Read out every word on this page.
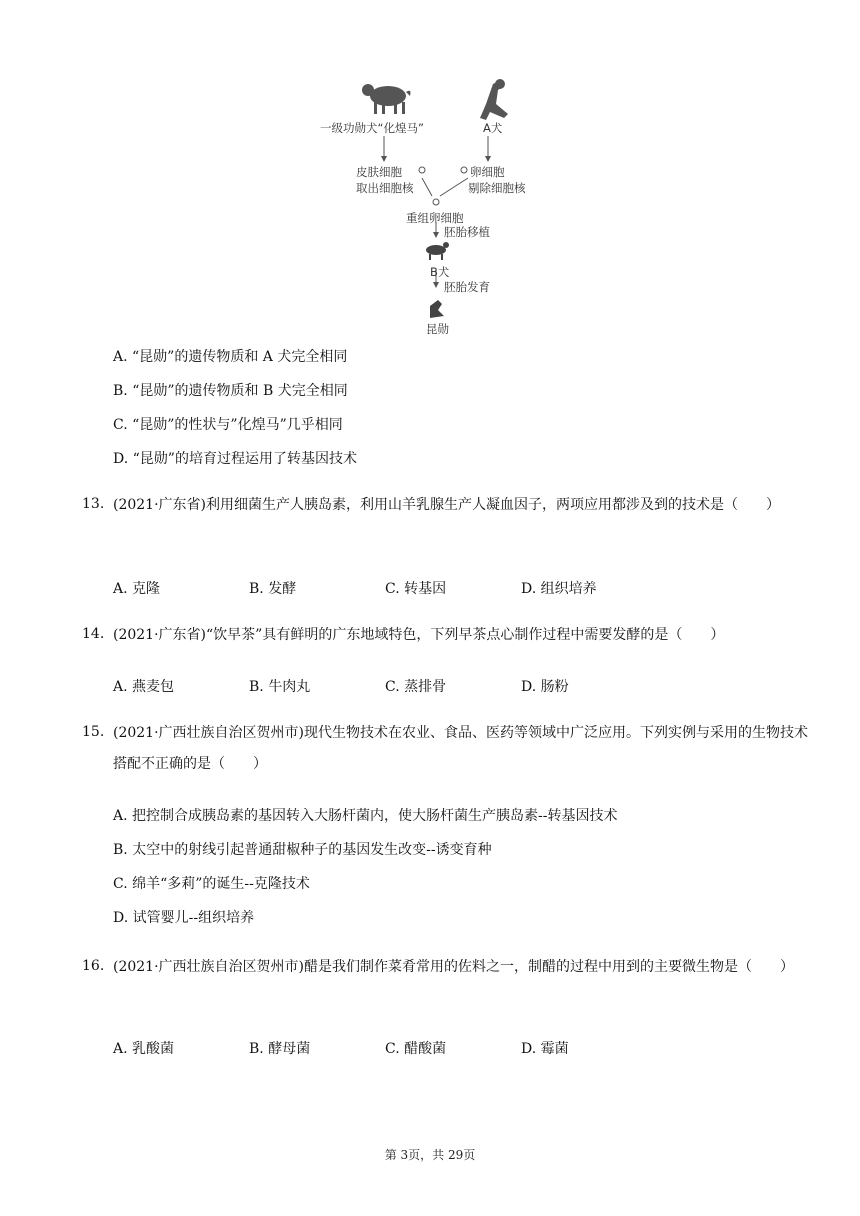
一级功勋犬“化煌马”	A犬
皮肤细胞
取出细胞核
卵细胞
剔除细胞核
重组卵细胞
胚胎移植
B犬
胚胎发育
昆勋
A. “昆勋”的遗传物质和 A 犬完全相同
B. “昆勋”的遗传物质和 B 犬完全相同
C. “昆勋”的性状与”化煌马”几乎相同
D. “昆勋”的培育过程运用了转基因技术
13. (2021·广东省)利用细菌生产人胰岛素，利用山羊乳腺生产人凝血因子，两项应用都涉及到的技术是（　　）
A. 克隆	B. 发酵	C. 转基因	D. 组织培养
14. (2021·广东省)“饮早茶”具有鲜明的广东地域特色，下列早茶点心制作过程中需要发酵的是（　　）
A. 燕麦包	B. 牛肉丸	C. 蒸排骨	D. 肠粉
15. (2021·广西壮族自治区贺州市)现代生物技术在农业、食品、医药等领域中广泛应用。下列实例与采用的生物技术搭配不正确的是（　　）
A. 把控制合成胰岛素的基因转入大肠杆菌内，使大肠杆菌生产胰岛素--转基因技术
B. 太空中的射线引起普通甜椒种子的基因发生改变--诱变育种
C. 绵羊“多莉”的诞生--克隆技术
D. 试管婴儿--组织培养
16. (2021·广西壮族自治区贺州市)醋是我们制作菜肴常用的佐料之一，制醋的过程中用到的主要微生物是（　　）
A. 乳酸菌	B. 酵母菌	C. 醋酸菌	D. 霉菌
第 3页，共 29页
